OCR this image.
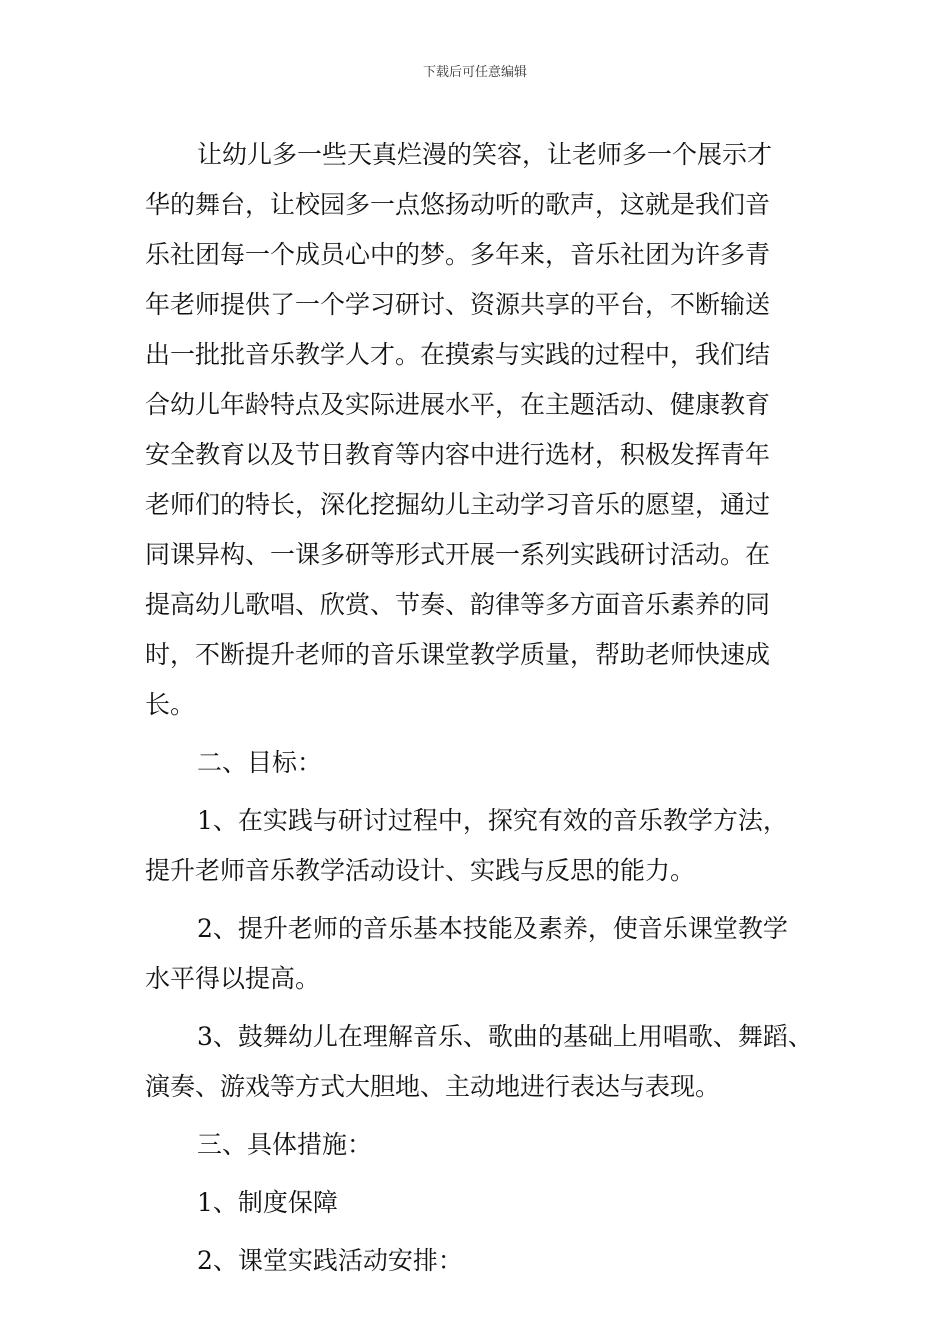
下载后可任意编辑
让幼儿多一些天真烂漫的笑容，让老师多一个展示才
华的舞台，让校园多一点悠扬动听的歌声，这就是我们音
乐社团每一个成员心中的梦。多年来，音乐社团为许多青
年老师提供了一个学习研讨、资源共享的平台，不断输送
出一批批音乐教学人才。在摸索与实践的过程中，我们结
合幼儿年龄特点及实际进展水平，在主题活动、健康教育
安全教育以及节日教育等内容中进行选材，积极发挥青年
老师们的特长，深化挖掘幼儿主动学习音乐的愿望，通过
同课异构、一课多研等形式开展一系列实践研讨活动。在
提高幼儿歌唱、欣赏、节奏、韵律等多方面音乐素养的同
时，不断提升老师的音乐课堂教学质量，帮助老师快速成
长。
二、目标：
1、在实践与研讨过程中，探究有效的音乐教学方法，
提升老师音乐教学活动设计、实践与反思的能力。
2、提升老师的音乐基本技能及素养，使音乐课堂教学
水平得以提高。
3、鼓舞幼儿在理解音乐、歌曲的基础上用唱歌、舞蹈、
演奏、游戏等方式大胆地、主动地进行表达与表现。
三、具体措施：
1、制度保障
2、课堂实践活动安排：
